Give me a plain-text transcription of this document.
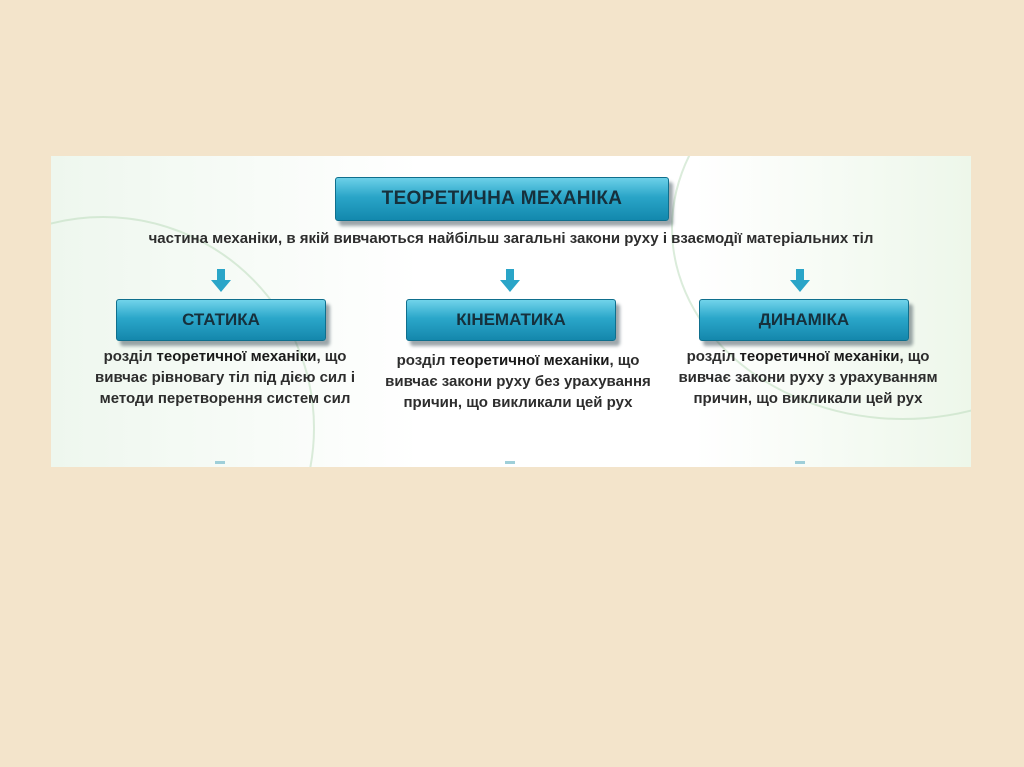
ТЕОРЕТИЧНА МЕХАНІКА
частина механіки, в якій вивчаються найбільш загальні закони руху і взаємодії матеріальних тіл
СТАТИКА	КІНЕМАТИКА	ДИНАМІКА
розділ теоретичної механіки, що вивчає рівновагу тіл під дією сил і методи перетворення систем сил
розділ теоретичної механіки, що вивчає закони руху без урахування причин, що викликали цей рух
розділ теоретичної механіки, що вивчає закони руху з урахуванням причин, що викликали цей рух
